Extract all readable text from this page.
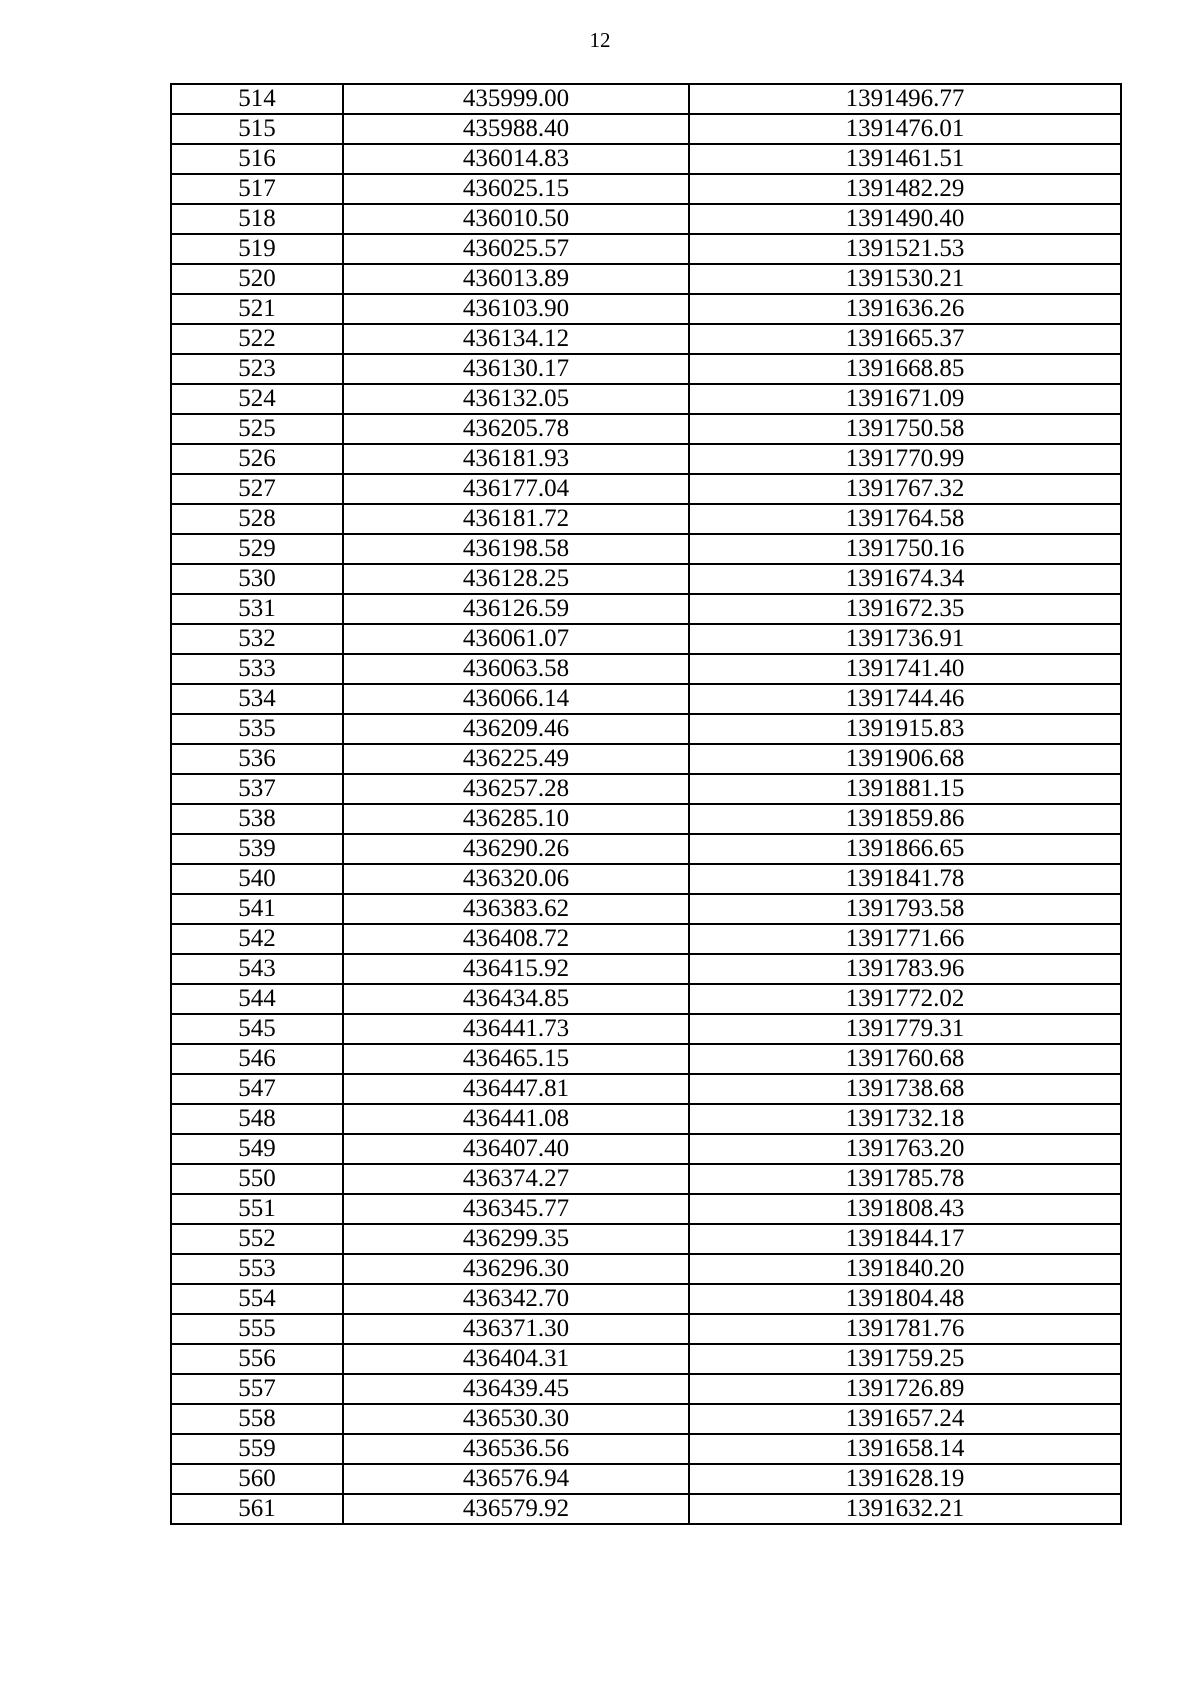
12
514	435999.00	1391496.77
515	435988.40	1391476.01
516	436014.83	1391461.51
517	436025.15	1391482.29
518	436010.50	1391490.40
519	436025.57	1391521.53
520	436013.89	1391530.21
521	436103.90	1391636.26
522	436134.12	1391665.37
523	436130.17	1391668.85
524	436132.05	1391671.09
525	436205.78	1391750.58
526	436181.93	1391770.99
527	436177.04	1391767.32
528	436181.72	1391764.58
529	436198.58	1391750.16
530	436128.25	1391674.34
531	436126.59	1391672.35
532	436061.07	1391736.91
533	436063.58	1391741.40
534	436066.14	1391744.46
535	436209.46	1391915.83
536	436225.49	1391906.68
537	436257.28	1391881.15
538	436285.10	1391859.86
539	436290.26	1391866.65
540	436320.06	1391841.78
541	436383.62	1391793.58
542	436408.72	1391771.66
543	436415.92	1391783.96
544	436434.85	1391772.02
545	436441.73	1391779.31
546	436465.15	1391760.68
547	436447.81	1391738.68
548	436441.08	1391732.18
549	436407.40	1391763.20
550	436374.27	1391785.78
551	436345.77	1391808.43
552	436299.35	1391844.17
553	436296.30	1391840.20
554	436342.70	1391804.48
555	436371.30	1391781.76
556	436404.31	1391759.25
557	436439.45	1391726.89
558	436530.30	1391657.24
559	436536.56	1391658.14
560	436576.94	1391628.19
561	436579.92	1391632.21
